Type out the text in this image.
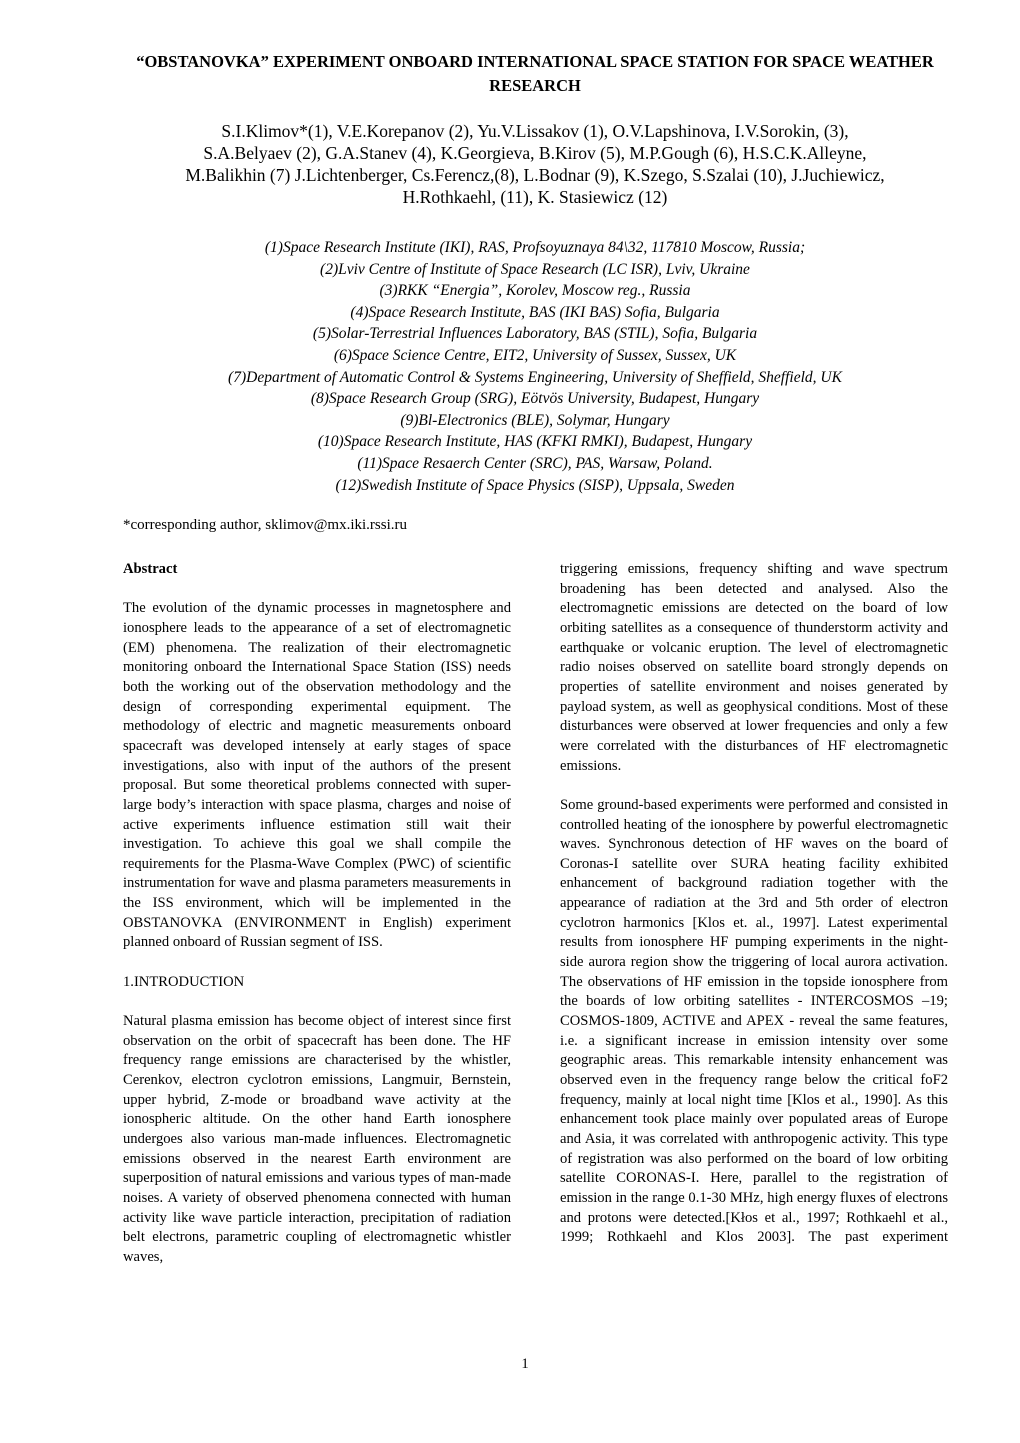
“OBSTANOVKA” EXPERIMENT ONBOARD INTERNATIONAL SPACE STATION FOR SPACE WEATHER RESEARCH
S.I.Klimov*(1), V.E.Korepanov (2), Yu.V.Lissakov (1), O.V.Lapshinova, I.V.Sorokin, (3),
S.A.Belyaev (2), G.A.Stanev (4), K.Georgieva, B.Kirov (5), M.P.Gough (6), H.S.C.K.Alleyne,
M.Balikhin (7) J.Lichtenberger, Cs.Ferencz,(8), L.Bodnar (9), K.Szego, S.Szalai (10), J.Juchiewicz,
H.Rothkaehl, (11), K. Stasiewicz (12)
(1)Space Research Institute (IKI), RAS, Profsoyuznaya 84\32, 117810 Moscow, Russia;
(2)Lviv Centre of Institute of Space Research (LC ISR), Lviv, Ukraine
(3)RKK “Energia”, Korolev, Moscow reg., Russia
(4)Space Research Institute, BAS (IKI BAS) Sofia, Bulgaria
(5)Solar-Terrestrial Influences Laboratory, BAS (STIL), Sofia, Bulgaria
(6)Space Science Centre, EIT2, University of Sussex, Sussex, UK
(7)Department of Automatic Control & Systems Engineering, University of Sheffield, Sheffield, UK
(8)Space Research Group (SRG), Eötvös University, Budapest, Hungary
(9)Bl-Electronics (BLE), Solymar, Hungary
(10)Space Research Institute, HAS (KFKI RMKI), Budapest, Hungary
(11)Space Resaerch Center (SRC), PAS, Warsaw, Poland.
(12)Swedish Institute of Space Physics (SISP), Uppsala, Sweden
*corresponding author, sklimov@mx.iki.rssi.ru

Abstract

The evolution of the dynamic processes in magnetosphere and ionosphere leads to the appearance of a set of electromagnetic (EM) phenomena. The realization of their electromagnetic monitoring onboard the International Space Station (ISS) needs both the working out of the observation methodology and the design of corresponding experimental equipment. The methodology of electric and magnetic measurements onboard spacecraft was developed intensely at early stages of space investigations, also with input of the authors of the present proposal. But some theoretical problems connected with super-large body’s interaction with space plasma, charges and noise of active experiments influence estimation still wait their investigation. To achieve this goal we shall compile the requirements for the Plasma-Wave Complex (PWC) of scientific instrumentation for wave and plasma parameters measurements in the ISS environment, which will be implemented in the OBSTANOVKA (ENVIRONMENT in English) experiment planned onboard of Russian segment of ISS.

1.INTRODUCTION

Natural plasma emission has become object of interest since first observation on the orbit of spacecraft has been done. The HF frequency range emissions are characterised by the whistler, Cerenkov, electron cyclotron emissions, Langmuir, Bernstein, upper hybrid, Z-mode or broadband wave activity at the ionospheric altitude. On the other hand Earth ionosphere undergoes also various man-made influences. Electromagnetic emissions observed in the nearest Earth environment are superposition of natural emissions and various types of man-made noises. A variety of observed phenomena connected with human activity like wave particle interaction, precipitation of radiation belt electrons, parametric coupling of electromagnetic whistler waves,

triggering emissions, frequency shifting and wave spectrum broadening has been detected and analysed. Also the electromagnetic emissions are detected on the board of low orbiting satellites as a consequence of thunderstorm activity and earthquake or volcanic eruption. The level of electromagnetic radio noises observed on satellite board strongly depends on properties of satellite environment and noises generated by payload system, as well as geophysical conditions. Most of these disturbances were observed at lower frequencies and only a few were correlated with the disturbances of HF electromagnetic emissions.

Some ground-based experiments were performed and consisted in controlled heating of the ionosphere by powerful electromagnetic waves. Synchronous detection of HF waves on the board of Coronas-I satellite over SURA heating facility exhibited enhancement of background radiation together with the appearance of radiation at the 3rd and 5th order of electron cyclotron harmonics [Klos et. al., 1997]. Latest experimental results from ionosphere HF pumping experiments in the night-side aurora region show the triggering of local aurora activation. The observations of HF emission in the topside ionosphere from the boards of low orbiting satellites - INTERCOSMOS –19; COSMOS-1809, ACTIVE and APEX - reveal the same features, i.e. a significant increase in emission intensity over some geographic areas. This remarkable intensity enhancement was observed even in the frequency range below the critical foF2 frequency, mainly at local night time [Klos et al., 1990]. As this enhancement took place mainly over populated areas of Europe and Asia, it was correlated with anthropogenic activity. This type of registration was also performed on the board of low orbiting satellite CORONAS-I. Here, parallel to the registration of emission in the range 0.1-30 MHz, high energy fluxes of electrons and protons were detected.[Kłos et al., 1997; Rothkaehl et al., 1999; Rothkaehl and Klos 2003]. The past experiment

1
